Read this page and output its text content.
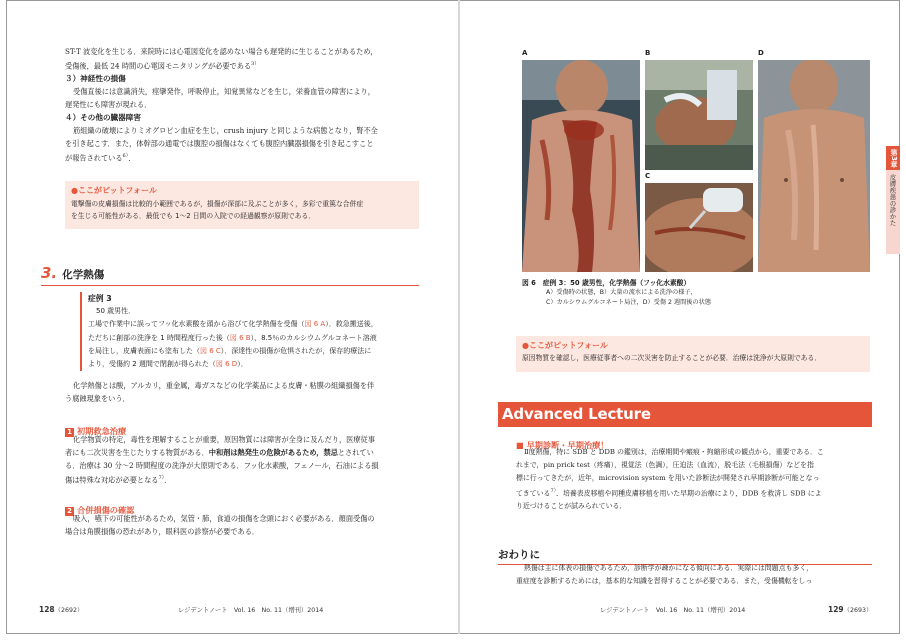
ST-T 波変化を生じる．来院時には心電図変化を認めない場合も遅発的に生じることがあるため，
受傷後，最低 24 時間の心電図モニタリングが必要である$^{3)}$
３）神経性の損傷
受傷直後には意識消失，痙攣発作，呼吸停止，知覚異常などを生じ，栄養血管の障害により，
遅発性にも障害が現れる．
４）その他の臓器障害
筋組織の破壊によりミオグロビン血症を生じ，crush injury と同じような病態となり，腎不全
を引き起こす．また，体幹部の通電では腹腔の損傷はなくても腹腔内臓器損傷を引き起こすこと
が報告されている$^{6)}$．
●ここがピットフォール
電撃傷の皮膚損傷は比較的小範囲であるが，損傷が深部に及ぶことが多く，多彩で重篤な合併症
を生じる可能性がある．最低でも 1〜2 日間の入院での経過観察が原則である．
3. 化学熱傷
症例 3
50 歳男性．
工場で作業中に誤ってフッ化水素酸を頭から浴びて化学熱傷を受傷（図 6 A）．救急搬送後，
ただちに創部の洗浄を 1 時間程度行った後（図 6 B），8.5％のカルシウムグルコネート溶液
を局注し，皮膚表面にも塗布した（図 6 C）．深達性の損傷が危惧されたが，保存的療法に
より，受傷約 2 週間で閉創が得られた（図 6 D）．
化学熱傷とは酸，アルカリ，重金属，毒ガスなどの化学薬品による皮膚・粘膜の組織損傷を伴
う腐蝕現象をいう．
1 初期救急治療
化学物質の特定，毒性を理解することが重要，原因物質には障害が全身に及んだり，医療従事
者にも二次災害を生じたりする物質がある．中和剤は熱発生の危険があるため，禁忌とされてい
る．治療は 30 分〜2 時間程度の洗浄が大原則である．フッ化水素酸，フェノール，石油による損
傷は特殊な対応が必要となる$^{7)}$．
2 合併損傷の確認
吸入，嚥下の可能性があるため，気管・肺，食道の損傷を念頭におく必要がある．顔面受傷の
場合は角膜損傷の恐れがあり，眼科医の診察が必要である．
128（2692）	レジデントノート　Vol. 16　No. 11（増刊）2014
A	B
C
D
図 6　症例 3：50 歳男性，化学熱傷（フッ化水素酸）
A）受傷時の状態，B）大量の流水による洗浄の様子，
C）カルシウムグルコネート局注，D）受傷 2 週間後の状態
●ここがピットフォール
原因物質を確認し，医療従事者への二次災害を防止することが必要．治療は洗浄が大原則である．
Advanced Lecture
■ 早期診断・早期治療！
Ⅱ度熱傷，特に SDB と DDB の鑑別は，治療期間や瘢痕・拘縮形成の観点から，重要である．こ
れまで，pin prick test（疼痛），視覚法（色調），圧迫法（血流），脱毛法（毛根損傷）などを指
標に行ってきたが，近年，microvision system を用いた診断法が開発され早期診断が可能となっ
てきている$^{7)}$．培養表皮移植や同種皮膚移植を用いた早期の治療により，DDB を救済し SDB によ
り近づけることが試みられている．
おわりに
熱傷は主に体表の損傷であるため，診断学が疎かになる傾向にある．実際には問題点も多く，
重症度を診断するためには，基本的な知識を習得することが必要である．また，受傷機転をしっ
レジデントノート　Vol. 16　No. 11（増刊）2014	129（2693）
第3章
皮膚疾患の診かた
